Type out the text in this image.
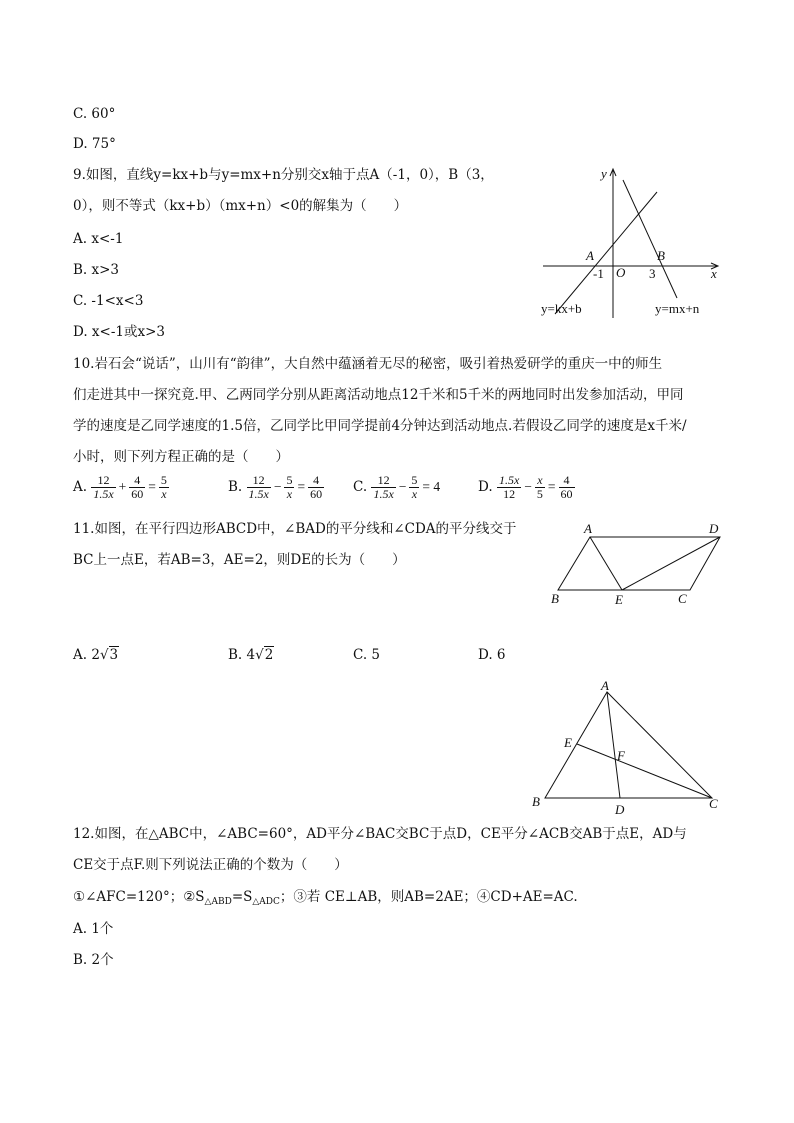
C. 60°
D. 75°
9.如图，直线y=kx+b与y=mx+n分别交x轴于点A（-1，0），B（3，
0），则不等式（kx+b）（mx+n）<0的解集为（　　）
A. x<-1
B. x>3
C. -1<x<3
D. x<-1或x>3
y
x
A	B
O
-1	3
y=kx+b	y=mx+n
10.岩石会“说话”，山川有“韵律”，大自然中蕴涵着无尽的秘密，吸引着热爱研学的重庆一中的师生
们走进其中一探究竟.甲、乙两同学分别从距离活动地点12千米和5千米的两地同时出发参加活动，甲同
学的速度是乙同学速度的1.5倍，乙同学比甲同学提前4分钟达到活动地点.若假设乙同学的速度是x千米/
小时，则下列方程正确的是（　　）
A. $\frac{12}{1.5x} + \frac{4}{60} = \frac{5}{x}$	B. $\frac{12}{1.5x} - \frac{5}{x} = \frac{4}{60} C$. $\frac{12}{1.5x} - \frac{5}{x} = 4$	D. $\frac{1.5x}{12} - \frac{x}{5} = \frac{4}{60}$
11.如图，在平行四边形ABCD中，∠BAD的平分线和∠CDA的平分线交于
BC上一点E，若AB=3，AE=2，则DE的长为（　　）
A	D
B	E	C
A. 2√3	B. 4√2	C. 5	D. 6
A
E
F
B
D	C
12.如图，在△ABC中，∠ABC=60°，AD平分∠BAC交BC于点D，CE平分∠ACB交AB于点E，AD与
CE交于点F.则下列说法正确的个数为（　　）
①∠AFC=120°；$②S_{\triangle ABD}=S_{\triangle ADC}$；③若 CE⊥AB，则AB=2AE；④CD+AE=AC.
A. 1个
B. 2个
